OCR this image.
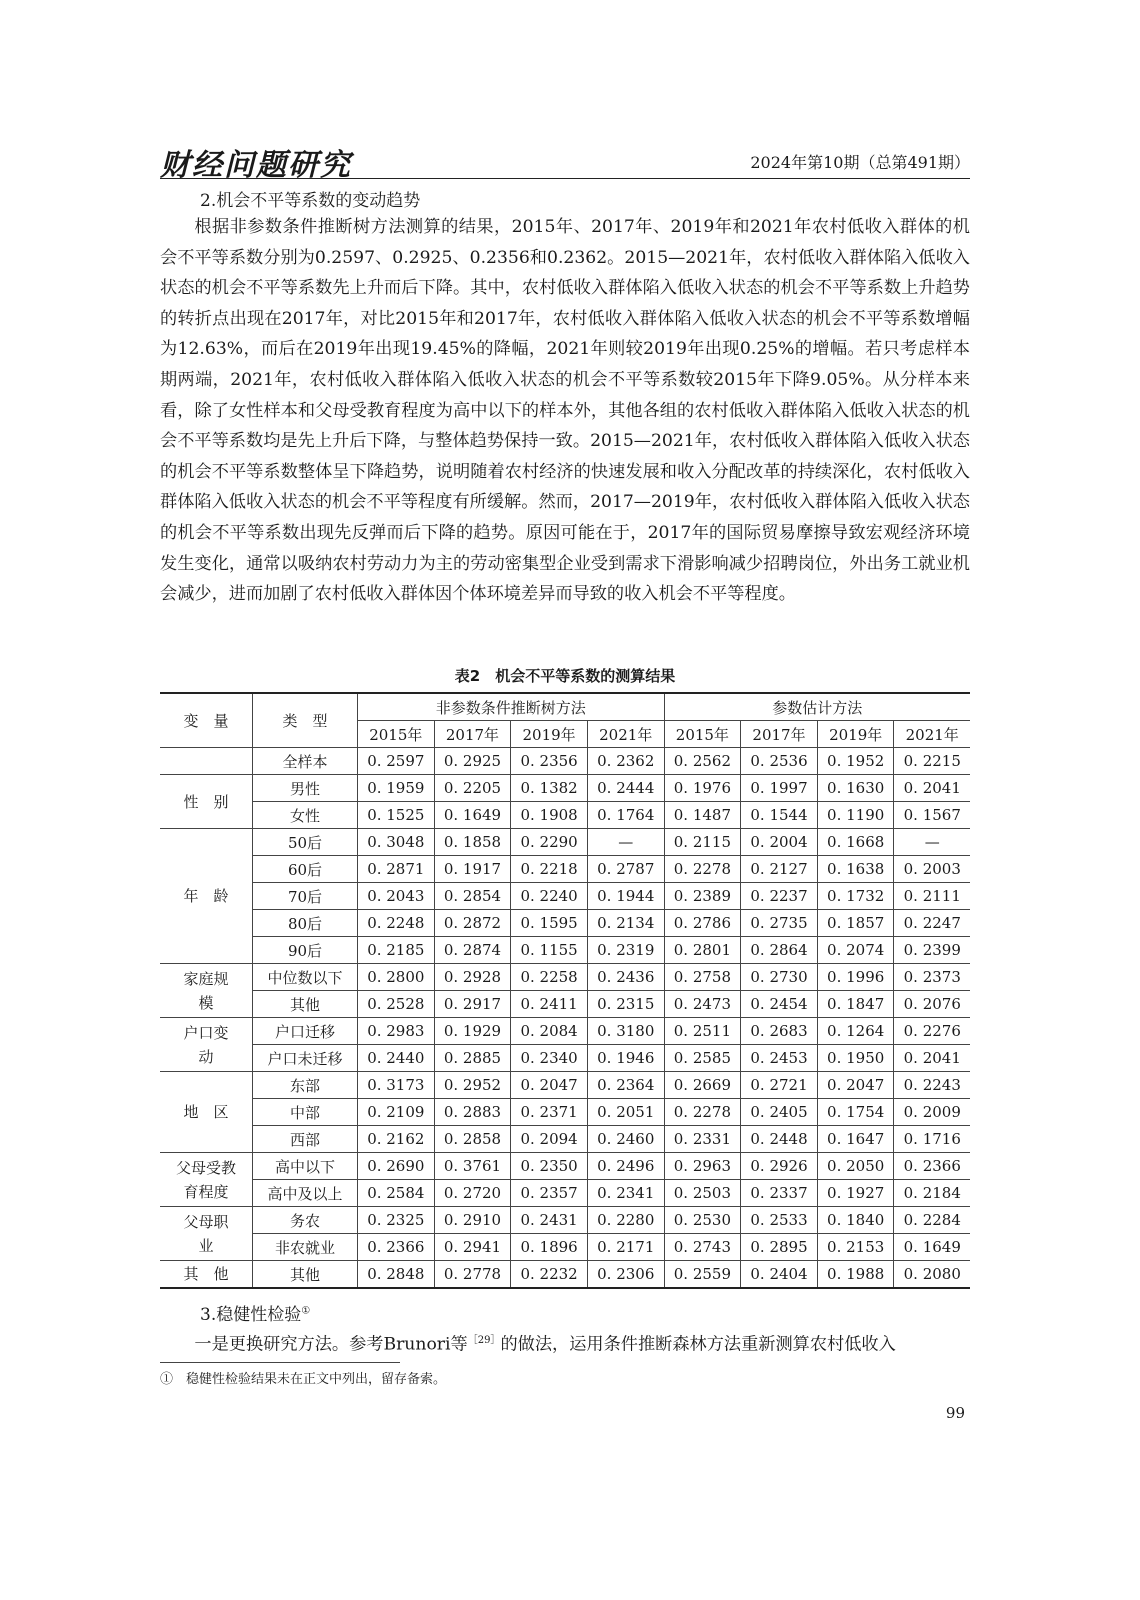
财经问题研究	2024年第10期（总第491期）
2.机会不平等系数的变动趋势

根据非参数条件推断树方法测算的结果，2015年、2017年、2019年和2021年农村低收入群体的机会不平等系数分别为0.2597、0.2925、0.2356和0.2362。2015—2021年，农村低收入群体陷入低收入状态的机会不平等系数先上升而后下降。其中，农村低收入群体陷入低收入状态的机会不平等系数上升趋势的转折点出现在2017年，对比2015年和2017年，农村低收入群体陷入低收入状态的机会不平等系数增幅为12.63%，而后在2019年出现19.45%的降幅，2021年则较2019年出现0.25%的增幅。若只考虑样本期两端，2021年，农村低收入群体陷入低收入状态的机会不平等系数较2015年下降9.05%。从分样本来看，除了女性样本和父母受教育程度为高中以下的样本外，其他各组的农村低收入群体陷入低收入状态的机会不平等系数均是先上升后下降，与整体趋势保持一致。2015—2021年，农村低收入群体陷入低收入状态的机会不平等系数整体呈下降趋势，说明随着农村经济的快速发展和收入分配改革的持续深化，农村低收入群体陷入低收入状态的机会不平等程度有所缓解。然而，2017—2019年，农村低收入群体陷入低收入状态的机会不平等系数出现先反弹而后下降的趋势。原因可能在于，2017年的国际贸易摩擦导致宏观经济环境发生变化，通常以吸纳农村劳动力为主的劳动密集型企业受到需求下滑影响减少招聘岗位，外出务工就业机会减少，进而加剧了农村低收入群体因个体环境差异而导致的收入机会不平等程度。

表2　机会不平等系数的测算结果
变　量	类　型	非参数条件推断树方法				参数估计方法			
		2015年	2017年	2019年	2021年	2015年	2017年	2019年	2021年
	全样本	0. 2597	0. 2925	0. 2356	0. 2362	0. 2562	0. 2536	0. 1952	0. 2215
性　别	男性	0. 1959	0. 2205	0. 1382	0. 2444	0. 1976	0. 1997	0. 1630	0. 2041
	女性	0. 1525	0. 1649	0. 1908	0. 1764	0. 1487	0. 1544	0. 1190	0. 1567
年　龄	50后	0. 3048	0. 1858	0. 2290	—	0. 2115	0. 2004	0. 1668	—
	60后	0. 2871	0. 1917	0. 2218	0. 2787	0. 2278	0. 2127	0. 1638	0. 2003
	70后	0. 2043	0. 2854	0. 2240	0. 1944	0. 2389	0. 2237	0. 1732	0. 2111
	80后	0. 2248	0. 2872	0. 1595	0. 2134	0. 2786	0. 2735	0. 1857	0. 2247
	90后	0. 2185	0. 2874	0. 1155	0. 2319	0. 2801	0. 2864	0. 2074	0. 2399
家庭规模	中位数以下	0. 2800	0. 2928	0. 2258	0. 2436	0. 2758	0. 2730	0. 1996	0. 2373
	其他	0. 2528	0. 2917	0. 2411	0. 2315	0. 2473	0. 2454	0. 1847	0. 2076
户口变动	户口迁移	0. 2983	0. 1929	0. 2084	0. 3180	0. 2511	0. 2683	0. 1264	0. 2276
	户口未迁移	0. 2440	0. 2885	0. 2340	0. 1946	0. 2585	0. 2453	0. 1950	0. 2041
地　区	东部	0. 3173	0. 2952	0. 2047	0. 2364	0. 2669	0. 2721	0. 2047	0. 2243
	中部	0. 2109	0. 2883	0. 2371	0. 2051	0. 2278	0. 2405	0. 1754	0. 2009
	西部	0. 2162	0. 2858	0. 2094	0. 2460	0. 2331	0. 2448	0. 1647	0. 1716
父母受教育程度	高中以下	0. 2690	0. 3761	0. 2350	0. 2496	0. 2963	0. 2926	0. 2050	0. 2366
	高中及以上	0. 2584	0. 2720	0. 2357	0. 2341	0. 2503	0. 2337	0. 1927	0. 2184
父母职业	务农	0. 2325	0. 2910	0. 2431	0. 2280	0. 2530	0. 2533	0. 1840	0. 2284
	非农就业	0. 2366	0. 2941	0. 1896	0. 2171	0. 2743	0. 2895	0. 2153	0. 1649
其　他	其他	0. 2848	0. 2778	0. 2232	0. 2306	0. 2559	0. 2404	0. 1988	0. 2080
3.稳健性检验①
一是更换研究方法。参考Brunori等$^{[29]}$的做法，运用条件推断森林方法重新测算农村低收入
①　稳健性检验结果未在正文中列出，留存备索。
99
